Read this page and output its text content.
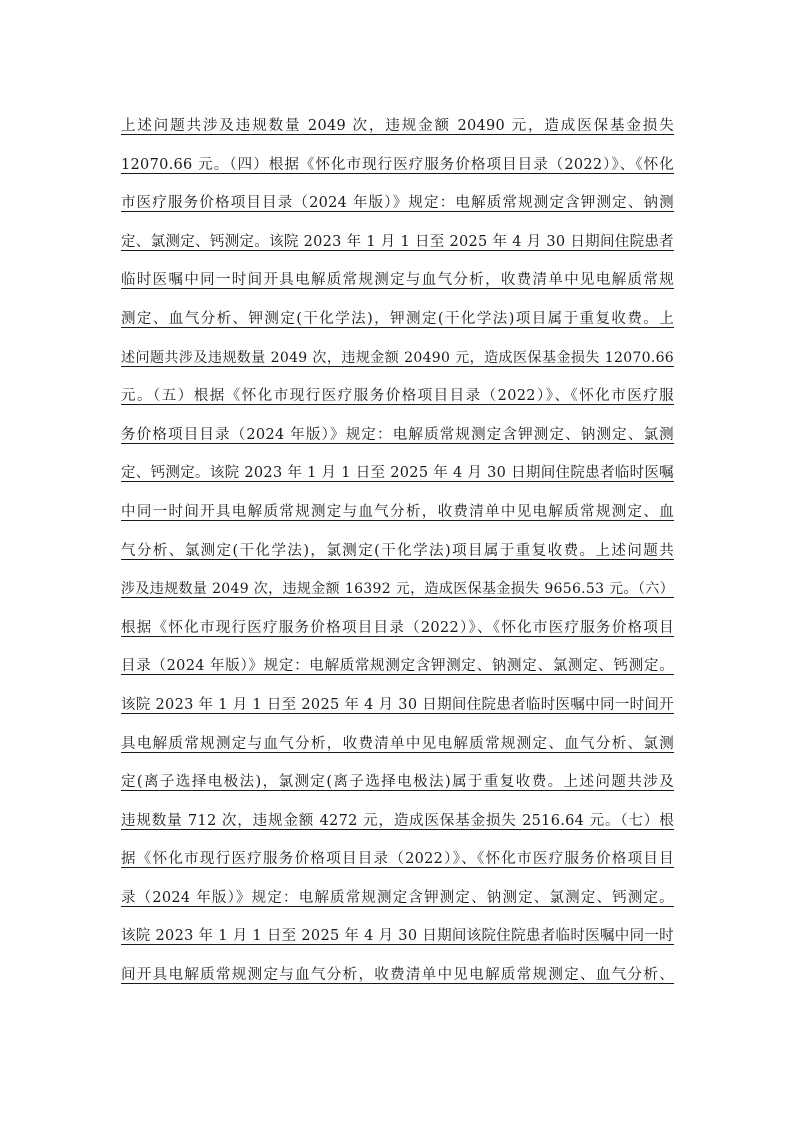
上述问题共涉及违规数量 2049 次，违规金额 20490 元，造成医保基金损失
12070.66 元。（四）根据《怀化市现行医疗服务价格项目目录（2022）》、《怀化
市医疗服务价格项目目录（2024 年版）》规定：电解质常规测定含钾测定、钠测
定、氯测定、钙测定。该院 2023 年 1 月 1 日至 2025 年 4 月 30 日期间住院患者
临时医嘱中同一时间开具电解质常规测定与血气分析，收费清单中见电解质常规
测定、血气分析、钾测定(干化学法)，钾测定(干化学法)项目属于重复收费。上
述问题共涉及违规数量 2049 次，违规金额 20490 元，造成医保基金损失 12070.66
元。（五）根据《怀化市现行医疗服务价格项目目录（2022）》、《怀化市医疗服
务价格项目目录（2024 年版）》规定：电解质常规测定含钾测定、钠测定、氯测
定、钙测定。该院 2023 年 1 月 1 日至 2025 年 4 月 30 日期间住院患者临时医嘱
中同一时间开具电解质常规测定与血气分析，收费清单中见电解质常规测定、血
气分析、氯测定(干化学法)，氯测定(干化学法)项目属于重复收费。上述问题共
涉及违规数量 2049 次，违规金额 16392 元，造成医保基金损失 9656.53 元。（六）
根据《怀化市现行医疗服务价格项目目录（2022）》、《怀化市医疗服务价格项目
目录（2024 年版）》规定：电解质常规测定含钾测定、钠测定、氯测定、钙测定。
该院 2023 年 1 月 1 日至 2025 年 4 月 30 日期间住院患者临时医嘱中同一时间开
具电解质常规测定与血气分析，收费清单中见电解质常规测定、血气分析、氯测
定(离子选择电极法)，氯测定(离子选择电极法)属于重复收费。上述问题共涉及
违规数量 712 次，违规金额 4272 元，造成医保基金损失 2516.64 元。（七）根
据《怀化市现行医疗服务价格项目目录（2022）》、《怀化市医疗服务价格项目目
录（2024 年版）》规定：电解质常规测定含钾测定、钠测定、氯测定、钙测定。
该院 2023 年 1 月 1 日至 2025 年 4 月 30 日期间该院住院患者临时医嘱中同一时
间开具电解质常规测定与血气分析，收费清单中见电解质常规测定、血气分析、
